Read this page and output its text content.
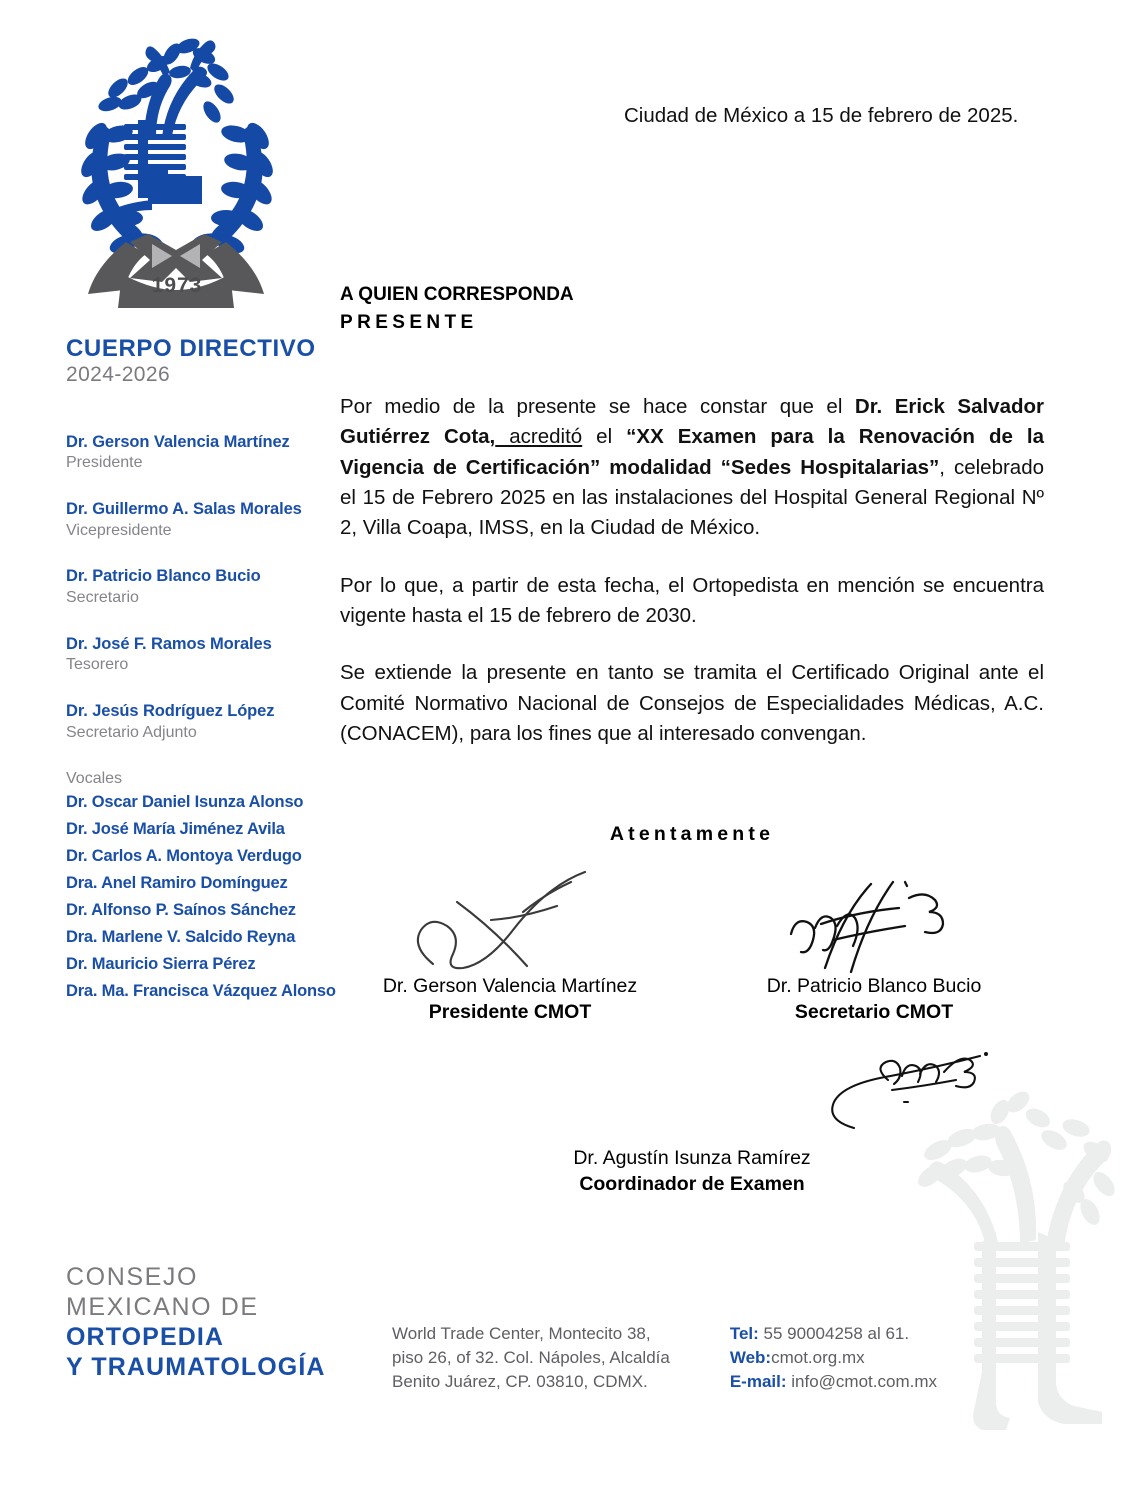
1973
CUERPO DIRECTIVO
2024-2026
Dr. Gerson Valencia Martínez
Presidente
Dr. Guillermo A. Salas Morales
Vicepresidente
Dr. Patricio Blanco Bucio
Secretario
Dr. José F. Ramos Morales
Tesorero
Dr. Jesús Rodríguez López
Secretario Adjunto
Vocales
Dr. Oscar Daniel Isunza Alonso
Dr. José María Jiménez Avila
Dr. Carlos A. Montoya Verdugo
Dra. Anel Ramiro Domínguez
Dr. Alfonso P. Saínos Sánchez
Dra. Marlene V. Salcido Reyna
Dr. Mauricio Sierra Pérez
Dra. Ma. Francisca Vázquez Alonso
CONSEJO
MEXICANO DE
ORTOPEDIA
Y TRAUMATOLOGÍA
Ciudad de México a 15 de febrero de 2025.
A QUIEN CORRESPONDA
PRESENTE

Por medio de la presente se hace constar que el Dr. Erick Salvador Gutiérrez Cota, acreditó el “XX Examen para la Renovación de la Vigencia de Certificación” modalidad “Sedes Hospitalarias”, celebrado el 15 de Febrero 2025 en las instalaciones del Hospital General Regional Nº 2, Villa Coapa, IMSS, en la Ciudad de México.

Por lo que, a partir de esta fecha, el Ortopedista en mención se encuentra vigente hasta el 15 de febrero de 2030.

Se extiende la presente en tanto se tramita el Certificado Original ante el Comité Normativo Nacional de Consejos de Especialidades Médicas, A.C. (CONACEM), para los fines que al interesado convengan.

Atentamente
Dr. Gerson Valencia Martínez
Presidente CMOT
Dr. Patricio Blanco Bucio
Secretario CMOT
Dr. Agustín Isunza Ramírez
Coordinador de Examen
World Trade Center, Montecito 38,
piso 26, of 32. Col. Nápoles, Alcaldía
Benito Juárez, CP. 03810, CDMX.
Tel: 55 90004258 al 61.
Web:cmot.org.mx
E-mail: info@cmot.com.mx
